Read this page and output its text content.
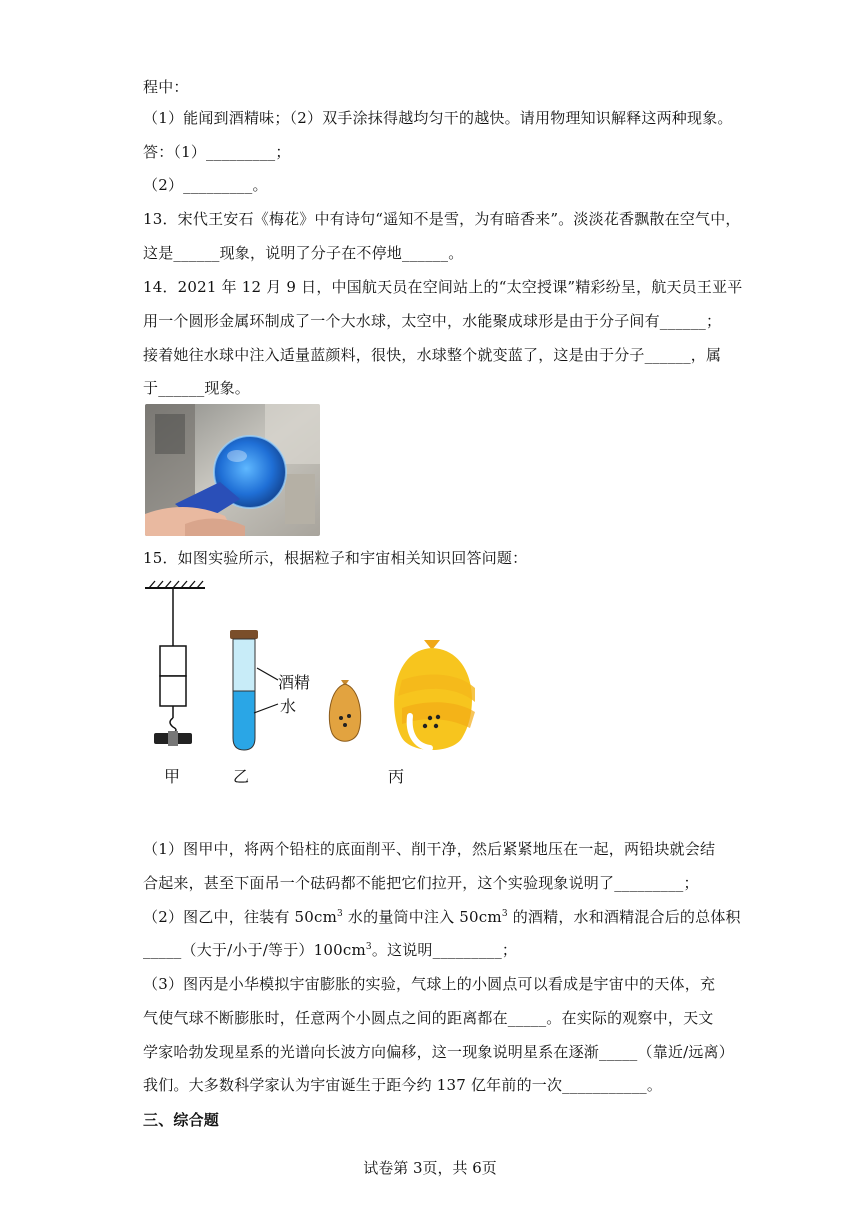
程中：
（1）能闻到酒精味；（2）双手涂抹得越均匀干的越快。请用物理知识解释这两种现象。
答：（1）_________；
（2）_________。
13．宋代王安石《梅花》中有诗句“遥知不是雪，为有暗香来”。淡淡花香飘散在空气中，
这是______现象，说明了分子在不停地______。
14．2021 年 12 月 9 日，中国航天员在空间站上的“太空授课”精彩纷呈，航天员王亚平
用一个圆形金属环制成了一个大水球，太空中，水能聚成球形是由于分子间有______；
接着她往水球中注入适量蓝颜料，很快，水球整个就变蓝了，这是由于分子______，属
于______现象。
15．如图实验所示，根据粒子和宇宙相关知识回答问题：
酒精
水
甲	乙	丙
（1）图甲中，将两个铅柱的底面削平、削干净，然后紧紧地压在一起，两铅块就会结
合起来，甚至下面吊一个砝码都不能把它们拉开，这个实验现象说明了_________；
（2）图乙中，往装有 $50cm^3$ 水的量筒中注入 $50cm^3$ 的酒精，水和酒精混合后的总体积
_____（大于/小于/等于）$100cm^3$。这说明_________；
（3）图丙是小华模拟宇宙膨胀的实验，气球上的小圆点可以看成是宇宙中的天体，充
气使气球不断膨胀时，任意两个小圆点之间的距离都在_____。在实际的观察中，天文
学家哈勃发现星系的光谱向长波方向偏移，这一现象说明星系在逐渐_____（靠近/远离）
我们。大多数科学家认为宇宙诞生于距今约 137 亿年前的一次___________。
三、综合题
试卷第 3页，共 6页
